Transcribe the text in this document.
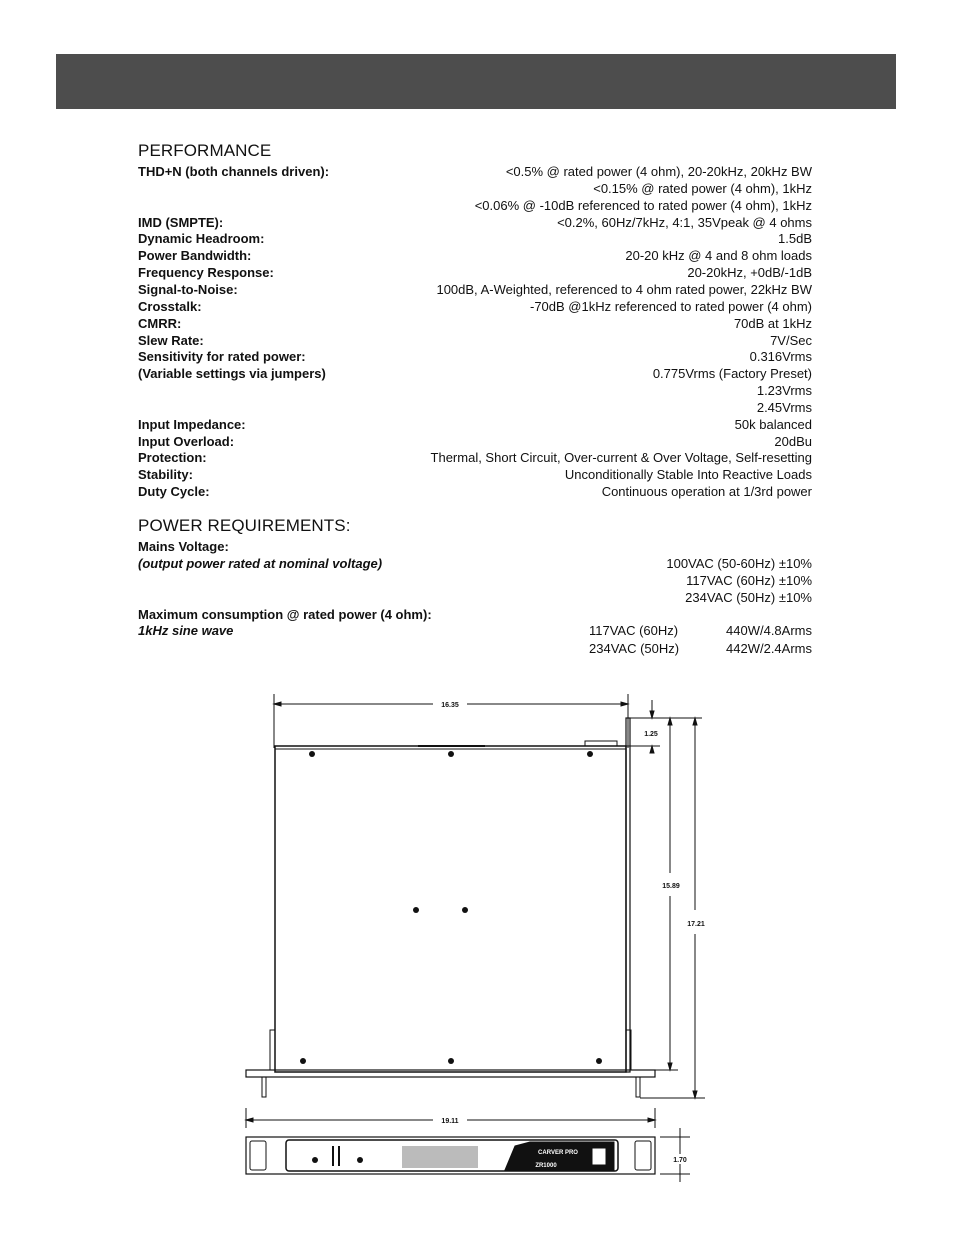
PERFORMANCE
THD+N (both channels driven):	<0.5% @ rated power (4 ohm), 20-20kHz, 20kHz BW
<0.15% @ rated power (4 ohm), 1kHz
<0.06% @ -10dB referenced to rated power (4 ohm), 1kHz
IMD (SMPTE):	<0.2%, 60Hz/7kHz, 4:1, 35Vpeak @ 4 ohms
Dynamic Headroom:	1.5dB
Power Bandwidth:	20-20 kHz @ 4 and 8 ohm loads
Frequency Response:	20-20kHz, +0dB/-1dB
Signal-to-Noise:	100dB, A-Weighted, referenced to 4 ohm rated power, 22kHz BW
Crosstalk:	-70dB @1kHz referenced to rated power (4 ohm)
CMRR:	70dB at 1kHz
Slew Rate:	7V/Sec
Sensitivity for rated power:	0.316Vrms
(Variable settings via jumpers)	0.775Vrms (Factory Preset)
1.23Vrms
2.45Vrms
Input Impedance:	50k balanced
Input Overload:	20dBu
Protection:	Thermal, Short Circuit, Over-current & Over Voltage, Self-resetting
Stability:	Unconditionally Stable Into Reactive Loads
Duty Cycle:	Continuous operation at 1/3rd power
POWER REQUIREMENTS:
Mains Voltage:
(output power rated at nominal voltage)	100VAC (50-60Hz) ±10%
117VAC (60Hz) ±10%
234VAC (50Hz) ±10%
Maximum consumption @ rated power (4 ohm):
1kHz sine wave	117VAC (60Hz)	440W/4.8Arms
234VAC (50Hz)	442W/2.4Arms
16.35
1.25
15.89
17.21
19.11
1.70
CARVER PRO
ZR1000
